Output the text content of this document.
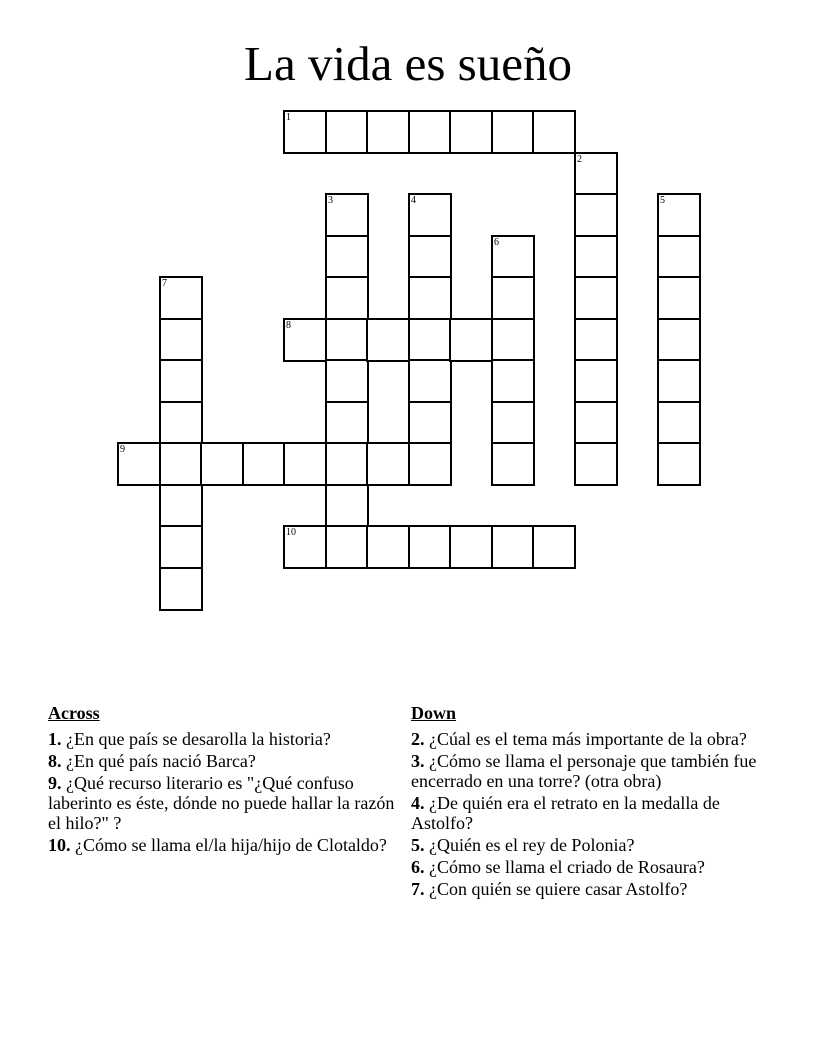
La vida es sueño
1
2
3	4	5
6
7
8
9
10
Across
1. ¿En que país se desarolla la historia?
8. ¿En qué país nació Barca?
9. ¿Qué recurso literario es "¿Qué confuso laberinto es éste, dónde no puede hallar la razón el hilo?" ?
10. ¿Cómo se llama el/la hija/hijo de Clotaldo?
Down
2. ¿Cúal es el tema más importante de la obra?
3. ¿Cómo se llama el personaje que también fue encerrado en una torre? (otra obra)
4. ¿De quién era el retrato en la medalla de Astolfo?
5. ¿Quién es el rey de Polonia?
6. ¿Cómo se llama el criado de Rosaura?
7. ¿Con quién se quiere casar Astolfo?
